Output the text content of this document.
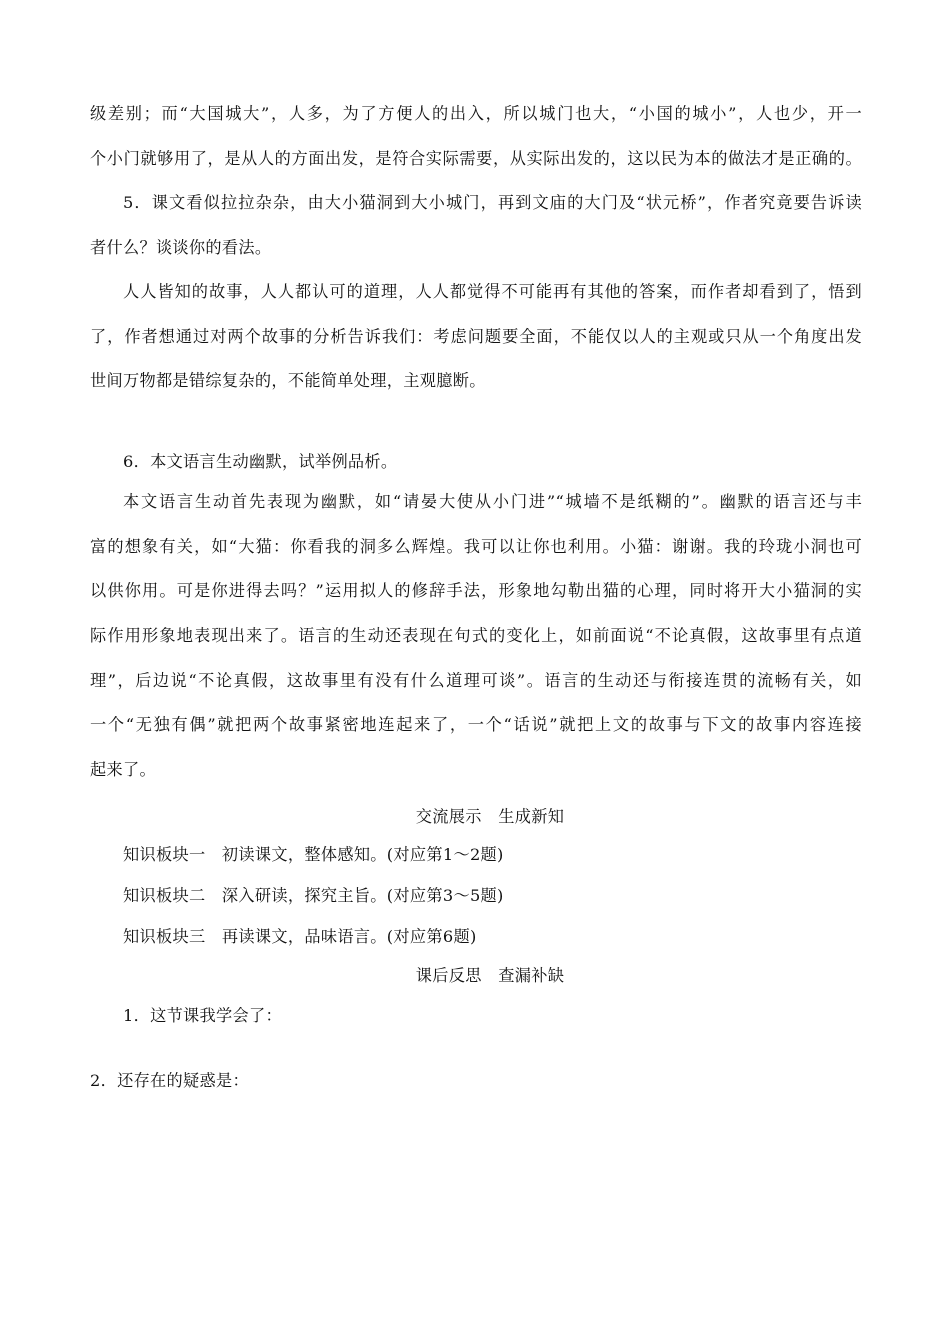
级差别；而“大国城大”，人多，为了方便人的出入，所以城门也大，“小国的城小”，人也少，开一
个小门就够用了，是从人的方面出发，是符合实际需要，从实际出发的，这以民为本的做法才是正确的。
5．课文看似拉拉杂杂，由大小猫洞到大小城门，再到文庙的大门及“状元桥”，作者究竟要告诉读
者什么？谈谈你的看法。
人人皆知的故事，人人都认可的道理，人人都觉得不可能再有其他的答案，而作者却看到了，悟到
了，作者想通过对两个故事的分析告诉我们：考虑问题要全面，不能仅以人的主观或只从一个角度出发
世间万物都是错综复杂的，不能简单处理，主观臆断。
6．本文语言生动幽默，试举例品析。
本文语言生动首先表现为幽默，如“请晏大使从小门进”“城墙不是纸糊的”。幽默的语言还与丰
富的想象有关，如“大猫：你看我的洞多么辉煌。我可以让你也利用。小猫：谢谢。我的玲珑小洞也可
以供你用。可是你进得去吗？”运用拟人的修辞手法，形象地勾勒出猫的心理，同时将开大小猫洞的实
际作用形象地表现出来了。语言的生动还表现在句式的变化上，如前面说“不论真假，这故事里有点道
理”，后边说“不论真假，这故事里有没有什么道理可谈”。语言的生动还与衔接连贯的流畅有关，如
一个“无独有偶”就把两个故事紧密地连起来了，一个“话说”就把上文的故事与下文的故事内容连接
起来了。
交流展示　生成新知
知识板块一　初读课文，整体感知。(对应第1～2题)
知识板块二　深入研读，探究主旨。(对应第3～5题)
知识板块三　再读课文，品味语言。(对应第6题)
课后反思　查漏补缺
1．这节课我学会了：
2．还存在的疑惑是：
